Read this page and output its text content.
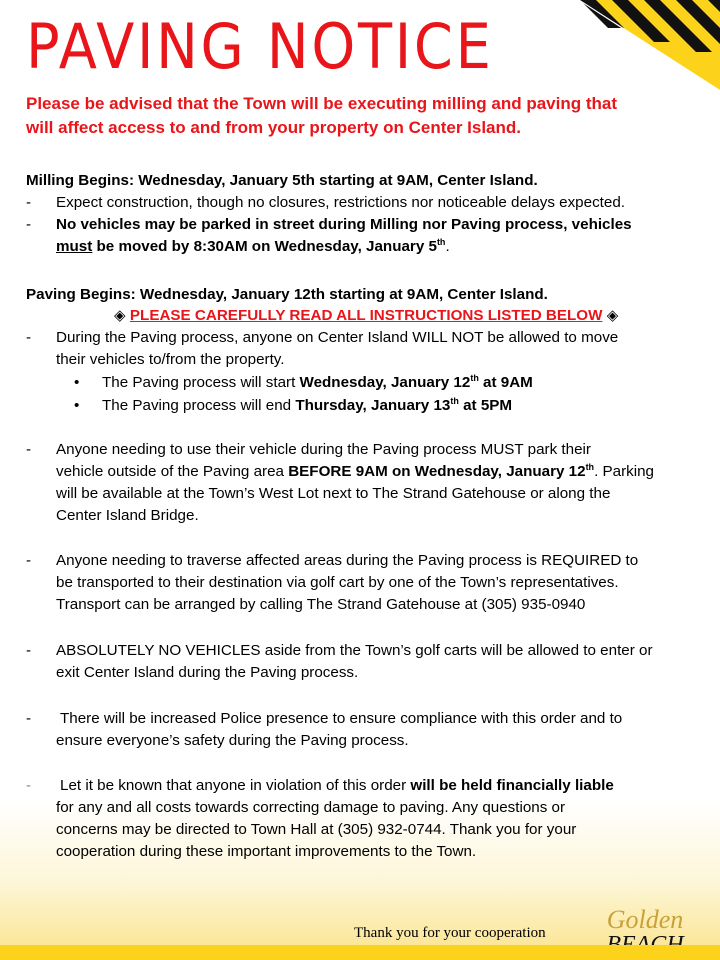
PAVING NOTICE
Please be advised that the Town will be executing milling and paving that
will affect access to and from your property on Center Island.
Milling Begins: Wednesday, January 5th starting at 9AM, Center Island.
- Expect construction, though no closures, restrictions nor noticeable delays expected.
- No vehicles may be parked in street during Milling nor Paving process, vehicles
must be moved by 8:30AM on Wednesday, January 5th.
Paving Begins: Wednesday, January 12th starting at 9AM, Center Island.
◈ PLEASE CAREFULLY READ ALL INSTRUCTIONS LISTED BELOW ◈
- During the Paving process, anyone on Center Island WILL NOT be allowed to move
their vehicles to/from the property.
• The Paving process will start Wednesday, January 12th at 9AM
• The Paving process will end Thursday, January 13th at 5PM
- Anyone needing to use their vehicle during the Paving process MUST park their
vehicle outside of the Paving area BEFORE 9AM on Wednesday, January 12th. Parking
will be available at the Town’s West Lot next to The Strand Gatehouse or along the
Center Island Bridge.
- Anyone needing to traverse affected areas during the Paving process is REQUIRED to
be transported to their destination via golf cart by one of the Town’s representatives.
Transport can be arranged by calling The Strand Gatehouse at (305) 935-0940
- ABSOLUTELY NO VEHICLES aside from the Town’s golf carts will be allowed to enter or
exit Center Island during the Paving process.
- There will be increased Police presence to ensure compliance with this order and to
ensure everyone’s safety during the Paving process.
- Let it be known that anyone in violation of this order will be held financially liable
for any and all costs towards correcting damage to paving. Any questions or
concerns may be directed to Town Hall at (305) 932-0744. Thank you for your
cooperation during these important improvements to the Town.
Thank you for your cooperation Golden
